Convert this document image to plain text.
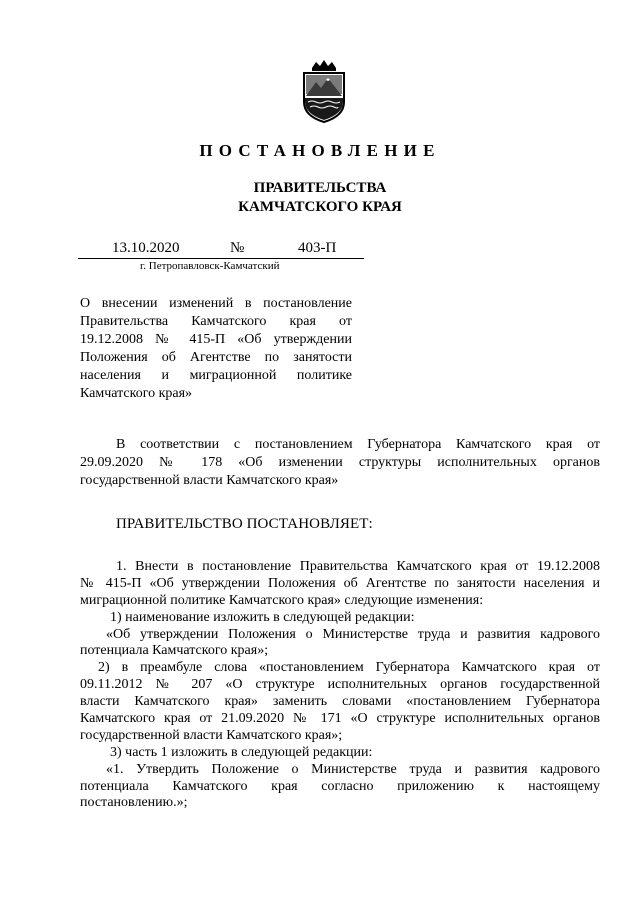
ПОСТАНОВЛЕНИЕ
ПРАВИТЕЛЬСТВА
КАМЧАТСКОГО КРАЯ
13.10.2020	№	403-П
г. Петропавловск-Камчатский
О внесении изменений в постановление
Правительства Камчатского края от
19.12.2008 № 415-П «Об утверждении
Положения об Агентстве по занятости
населения и миграционной политике
Камчатского края»
В соответствии с постановлением Губернатора Камчатского края от
29.09.2020 № 178 «Об изменении структуры исполнительных органов
государственной власти Камчатского края»
ПРАВИТЕЛЬСТВО ПОСТАНОВЛЯЕТ:
1. Внести в постановление Правительства Камчатского края от 19.12.2008
№ 415-П «Об утверждении Положения об Агентстве по занятости населения и
миграционной политике Камчатского края» следующие изменения:
1) наименование изложить в следующей редакции:
«Об утверждении Положения о Министерстве труда и развития кадрового
потенциала Камчатского края»;
2) в преамбуле слова «постановлением Губернатора Камчатского края от
09.11.2012 № 207 «О структуре исполнительных органов государственной
власти Камчатского края» заменить словами «постановлением Губернатора
Камчатского края от 21.09.2020 № 171 «О структуре исполнительных органов
государственной власти Камчатского края»;
3) часть 1 изложить в следующей редакции:
«1. Утвердить Положение о Министерстве труда и развития кадрового
потенциала Камчатского края согласно приложению к настоящему
постановлению.»;
